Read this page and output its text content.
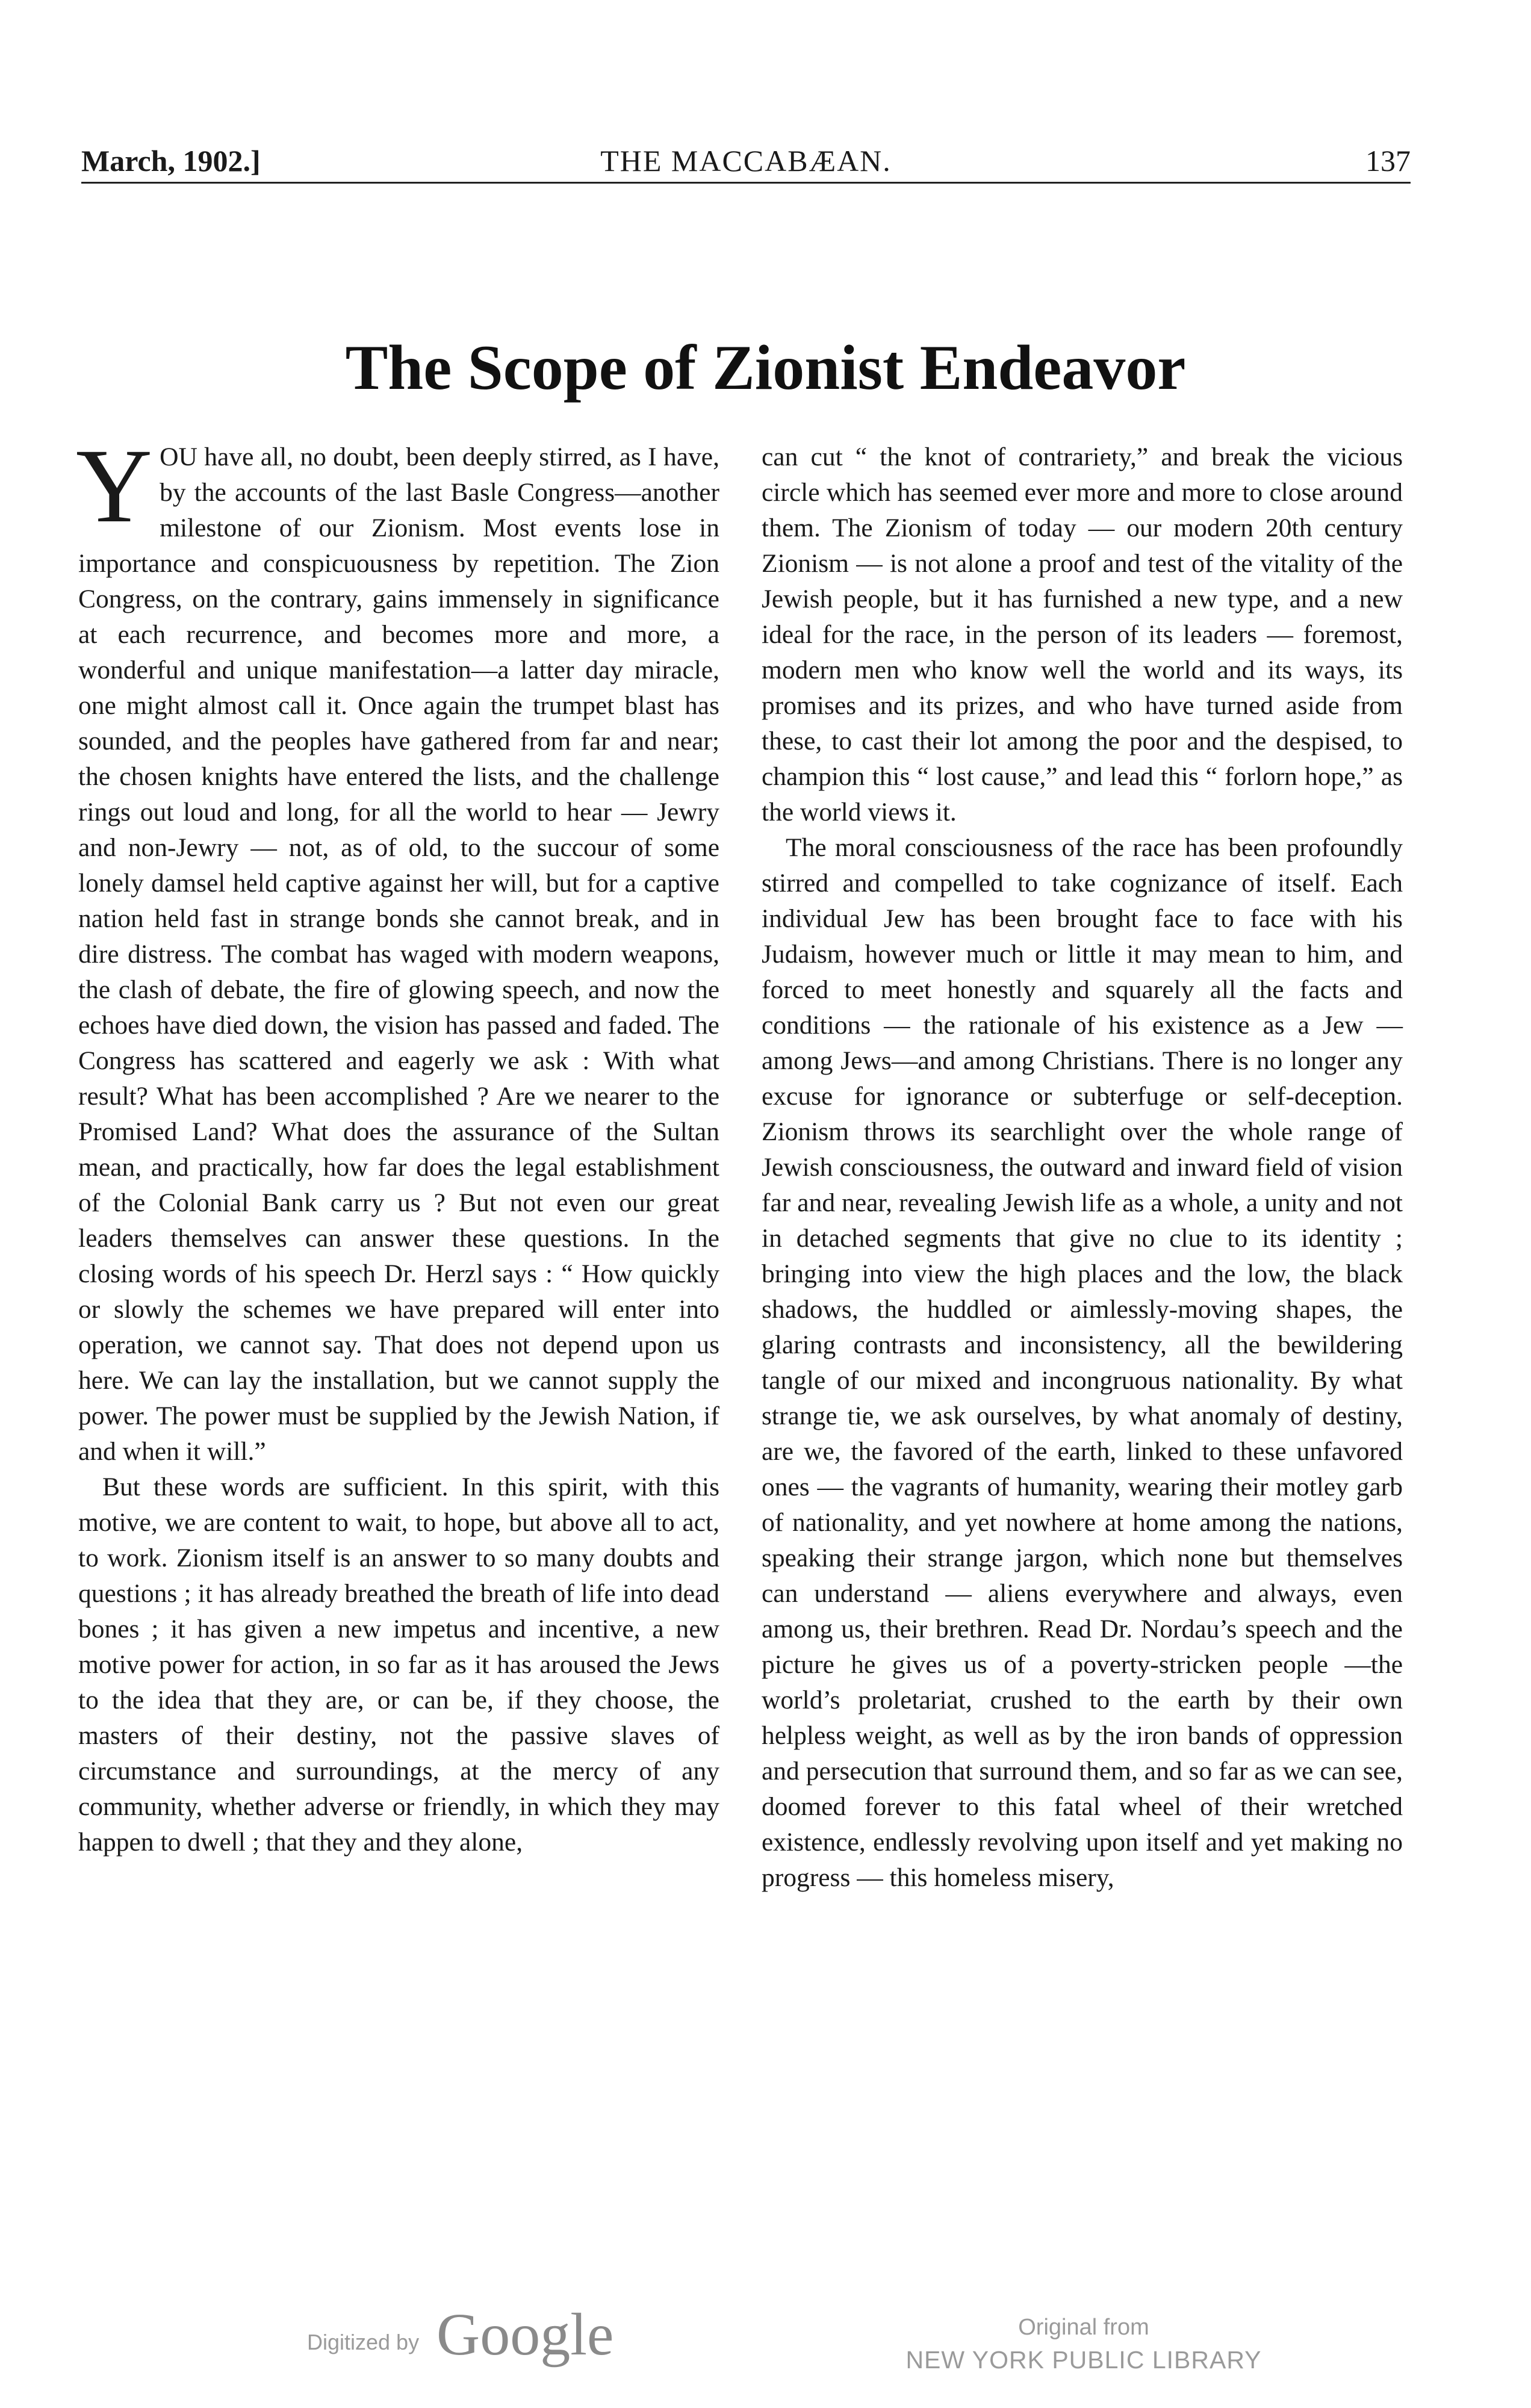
March, 1902.]	THE MACCABÆAN.	137
The Scope of Zionist Endeavor

YOU have all, no doubt, been deeply stirred, as I have, by the accounts of the last Basle Congress—another milestone of our Zionism. Most events lose in importance and conspicuousness by repetition. The Zion Congress, on the contrary, gains immensely in significance at each recurrence, and becomes more and more, a wonderful and unique manifestation—a latter day miracle, one might almost call it. Once again the trumpet blast has sounded, and the peoples have gathered from far and near; the chosen knights have entered the lists, and the challenge rings out loud and long, for all the world to hear — Jewry and non-Jewry — not, as of old, to the succour of some lonely damsel held captive against her will, but for a captive nation held fast in strange bonds she cannot break, and in dire distress. The combat has waged with modern weapons, the clash of debate, the fire of glowing speech, and now the echoes have died down, the vision has passed and faded. The Congress has scattered and eagerly we ask : With what result? What has been accomplished ? Are we nearer to the Promised Land? What does the assurance of the Sultan mean, and practically, how far does the legal establishment of the Colonial Bank carry us ? But not even our great leaders themselves can answer these questions. In the closing words of his speech Dr. Herzl says : “ How quickly or slowly the schemes we have prepared will enter into operation, we cannot say. That does not depend upon us here. We can lay the installation, but we cannot supply the power. The power must be supplied by the Jewish Nation, if and when it will.”

But these words are sufficient. In this spirit, with this motive, we are content to wait, to hope, but above all to act, to work. Zionism itself is an answer to so many doubts and questions ; it has already breathed the breath of life into dead bones ; it has given a new impetus and incentive, a new motive power for action, in so far as it has aroused the Jews to the idea that they are, or can be, if they choose, the masters of their destiny, not the passive slaves of circumstance and surroundings, at the mercy of any community, whether adverse or friendly, in which they may happen to dwell ; that they and they alone,

can cut “ the knot of contrariety,” and break the vicious circle which has seemed ever more and more to close around them. The Zionism of today — our modern 20th century Zionism — is not alone a proof and test of the vitality of the Jewish people, but it has furnished a new type, and a new ideal for the race, in the person of its leaders — foremost, modern men who know well the world and its ways, its promises and its prizes, and who have turned aside from these, to cast their lot among the poor and the despised, to champion this “ lost cause,” and lead this “ forlorn hope,” as the world views it.

The moral consciousness of the race has been profoundly stirred and compelled to take cognizance of itself. Each individual Jew has been brought face to face with his Judaism, however much or little it may mean to him, and forced to meet honestly and squarely all the facts and conditions — the rationale of his existence as a Jew —among Jews—and among Christians. There is no longer any excuse for ignorance or subterfuge or self-deception. Zionism throws its searchlight over the whole range of Jewish consciousness, the outward and inward field of vision far and near, revealing Jewish life as a whole, a unity and not in detached segments that give no clue to its identity ; bringing into view the high places and the low, the black shadows, the huddled or aimlessly-moving shapes, the glaring contrasts and inconsistency, all the bewildering tangle of our mixed and incongruous nationality. By what strange tie, we ask ourselves, by what anomaly of destiny, are we, the favored of the earth, linked to these unfavored ones — the vagrants of humanity, wearing their motley garb of nationality, and yet nowhere at home among the nations, speaking their strange jargon, which none but themselves can understand — aliens everywhere and always, even among us, their brethren. Read Dr. Nordau’s speech and the picture he gives us of a poverty-stricken people —the world’s proletariat, crushed to the earth by their own helpless weight, as well as by the iron bands of oppression and persecution that surround them, and so far as we can see, doomed forever to this fatal wheel of their wretched existence, endlessly revolving upon itself and yet making no progress — this homeless misery,

Digitized by Google	Original from
NEW YORK PUBLIC LIBRARY
